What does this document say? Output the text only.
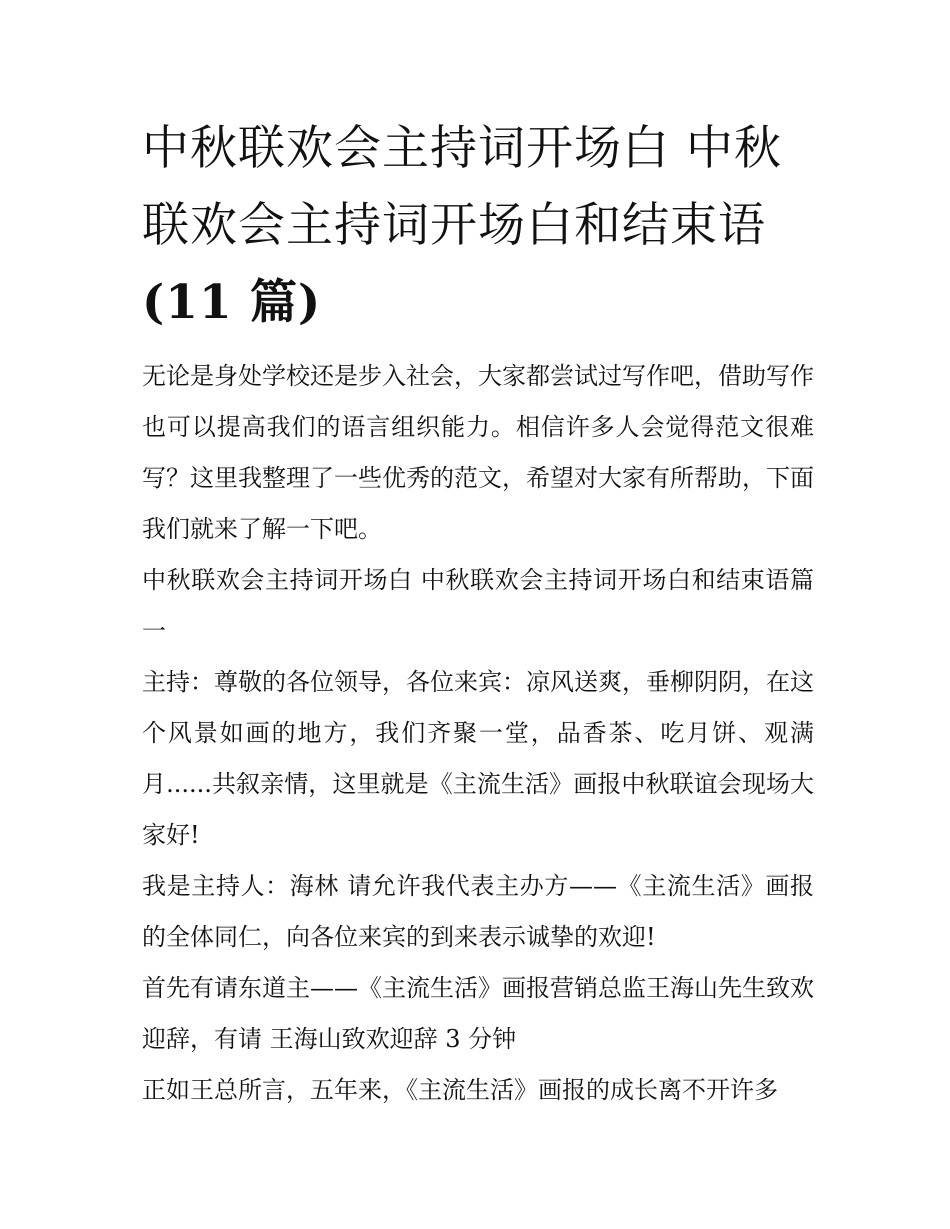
中秋联欢会主持词开场白 中秋联欢会主持词开场白和结束语
(11 篇)

无论是身处学校还是步入社会，大家都尝试过写作吧，借助写作也可以提高我们的语言组织能力。相信许多人会觉得范文很难写？这里我整理了一些优秀的范文，希望对大家有所帮助，下面我们就来了解一下吧。

中秋联欢会主持词开场白 中秋联欢会主持词开场白和结束语篇一

主持：尊敬的各位领导，各位来宾：凉风送爽，垂柳阴阴，在这个风景如画的地方，我们齐聚一堂，品香茶、吃月饼、观满月......共叙亲情，这里就是《主流生活》画报中秋联谊会现场大家好!

我是主持人：海林 请允许我代表主办方——《主流生活》画报的全体同仁，向各位来宾的到来表示诚挚的欢迎!

首先有请东道主——《主流生活》画报营销总监王海山先生致欢迎辞，有请 王海山致欢迎辞 3 分钟

正如王总所言，五年来，《主流生活》画报的成长离不开许多
